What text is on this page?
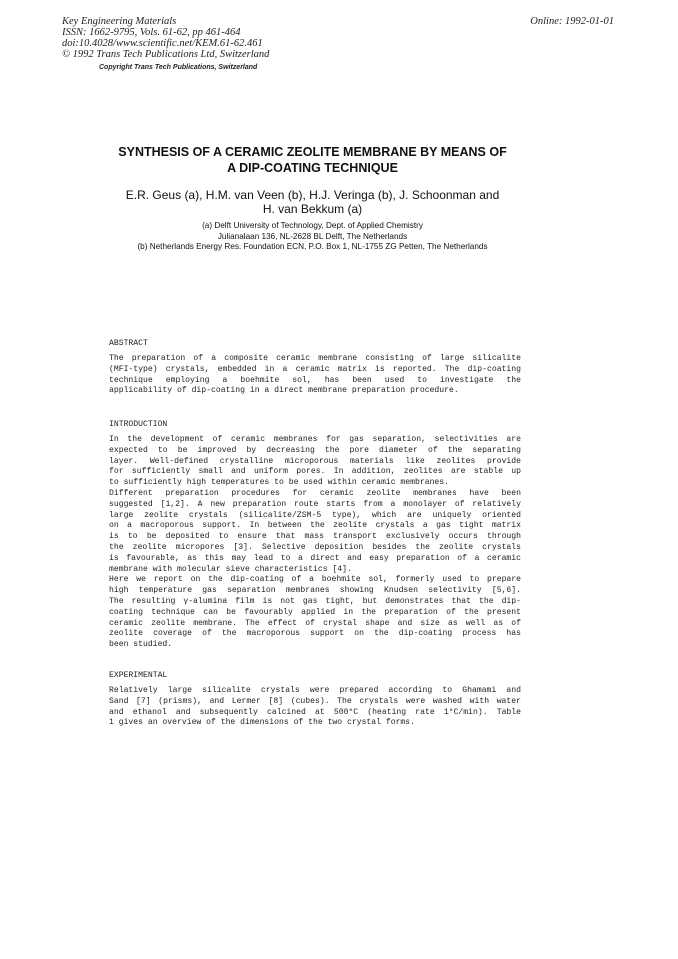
Key Engineering Materials
ISSN: 1662-9795, Vols. 61-62, pp 461-464
doi:10.4028/www.scientific.net/KEM.61-62.461
© 1992 Trans Tech Publications Ltd, Switzerland
Online: 1992-01-01
Copyright Trans Tech Publications, Switzerland
SYNTHESIS OF A CERAMIC ZEOLITE MEMBRANE BY MEANS OF
A DIP-COATING TECHNIQUE
E.R. Geus (a), H.M. van Veen (b), H.J. Veringa (b), J. Schoonman and
H. van Bekkum (a)
(a) Delft University of Technology, Dept. of Applied Chemistry
Julianalaan 136, NL-2628 BL Delft, The Netherlands
(b) Netherlands Energy Res. Foundation ECN, P.O. Box 1, NL-1755 ZG Petten, The Netherlands
ABSTRACT
The preparation of a composite ceramic membrane consisting of large silicalite
(MFI-type) crystals, embedded in a ceramic matrix is reported. The dip-coating
technique employing a boehmite sol, has been used to investigate the
applicability of dip-coating in a direct membrane preparation procedure.
INTRODUCTION
In the development of ceramic membranes for gas separation, selectivities are
expected to be improved by decreasing the pore diameter of the separating
layer. Well-defined crystalline microporous materials like zeolites provide
for sufficiently small and uniform pores. In addition, zeolites are stable up
to sufficiently high temperatures to be used within ceramic membranes.
Different preparation procedures for ceramic zeolite membranes have been
suggested [1,2]. A new preparation route starts from a monolayer of relatively
large zeolite crystals (silicalite/ZSM-5 type), which are uniquely oriented
on a macroporous support. In between the zeolite crystals a gas tight matrix
is to be deposited to ensure that mass transport exclusively occurs through
the zeolite micropores [3]. Selective deposition besides the zeolite crystals
is favourable, as this may lead to a direct and easy preparation of a ceramic
membrane with molecular sieve characteristics [4].
Here we report on the dip-coating of a boehmite sol, formerly used to prepare
high temperature gas separation membranes showing Knudsen selectivity [5,6].
The resulting γ-alumina film is not gas tight, but demonstrates that the dip-
coating technique can be favourably applied in the preparation of the present
ceramic zeolite membrane. The effect of crystal shape and size as well as of
zeolite coverage of the macroporous support on the dip-coating process has
been studied.
EXPERIMENTAL
Relatively large silicalite crystals were prepared according to Ghamami and
Sand [7] (prisms), and Lermer [8] (cubes). The crystals were washed with water
and ethanol and subsequently calcined at 500°C (heating rate 1°C/min). Table
1 gives an overview of the dimensions of the two crystal forms.
